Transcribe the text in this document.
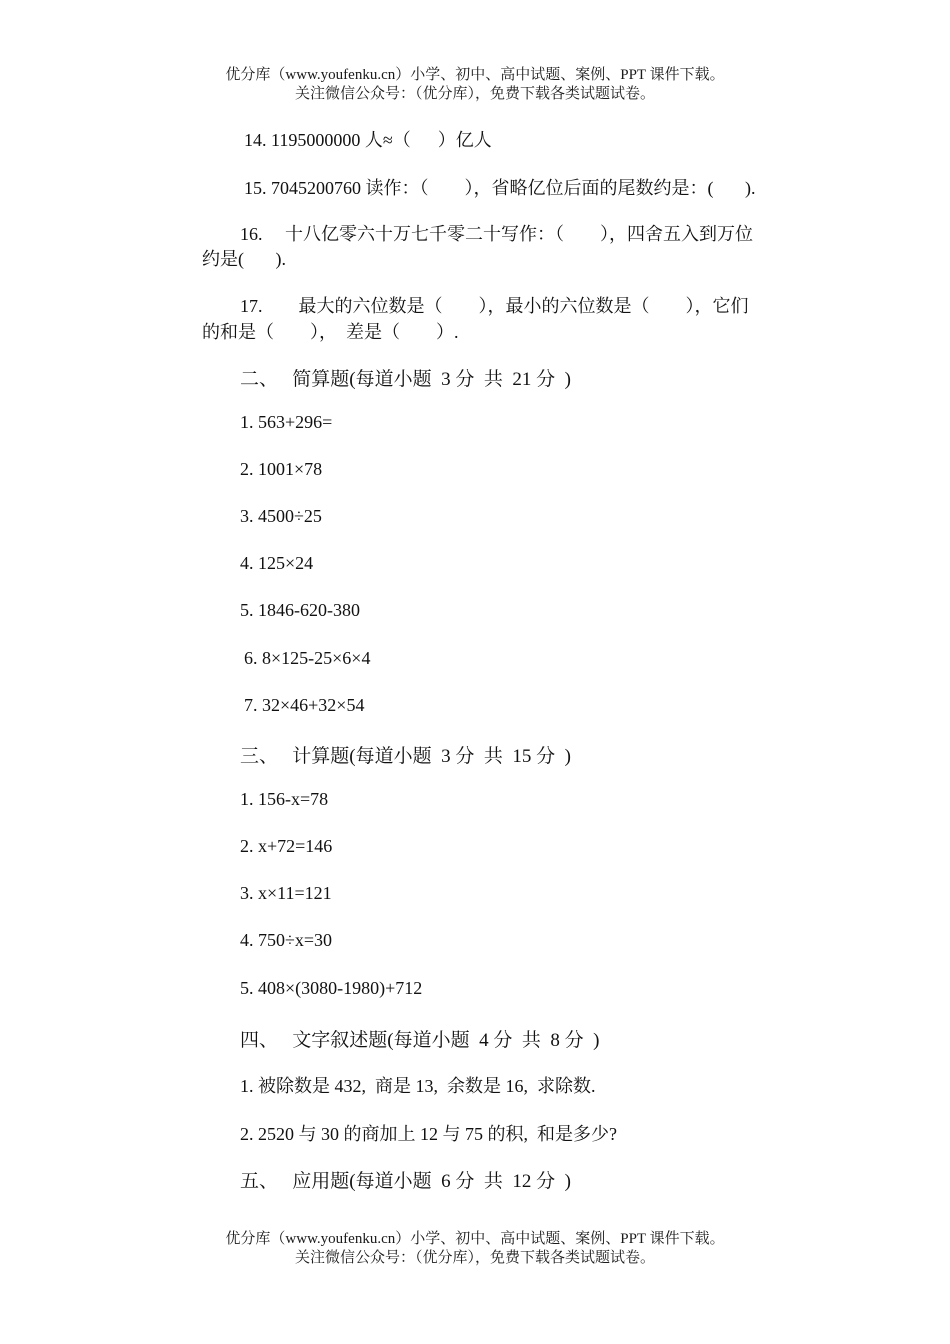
优分库（www.youfenku.cn）小学、初中、高中试题、案例、PPT 课件下载。
关注微信公众号：（优分库），免费下载各类试题试卷。
14. 1195000000 人≈（      ）亿人
15. 7045200760 读作：（        ），省略亿位后面的尾数约是：(       ).
16.     十八亿零六十万七千零二十写作：（        ），四舍五入到万位
约是(       ).
17.        最大的六位数是（        ），最小的六位数是（        ），它们
的和是（        ），  差是（        ）.
二、   简算题(每道小题  3 分  共  21 分  )
1. 563+296=
2. 1001×78
3. 4500÷25
4. 125×24
5. 1846-620-380
6. 8×125-25×6×4
7. 32×46+32×54
三、   计算题(每道小题  3 分  共  15 分  )
1. 156-x=78
2. x+72=146
3. x×11=121
4. 750÷x=30
5. 408×(3080-1980)+712
四、   文字叙述题(每道小题  4 分  共  8 分  )
1. 被除数是 432,  商是 13,  余数是 16,  求除数.
2. 2520 与 30 的商加上 12 与 75 的积,  和是多少?
五、   应用题(每道小题  6 分  共  12 分  )
优分库（www.youfenku.cn）小学、初中、高中试题、案例、PPT 课件下载。
关注微信公众号：（优分库），免费下载各类试题试卷。
